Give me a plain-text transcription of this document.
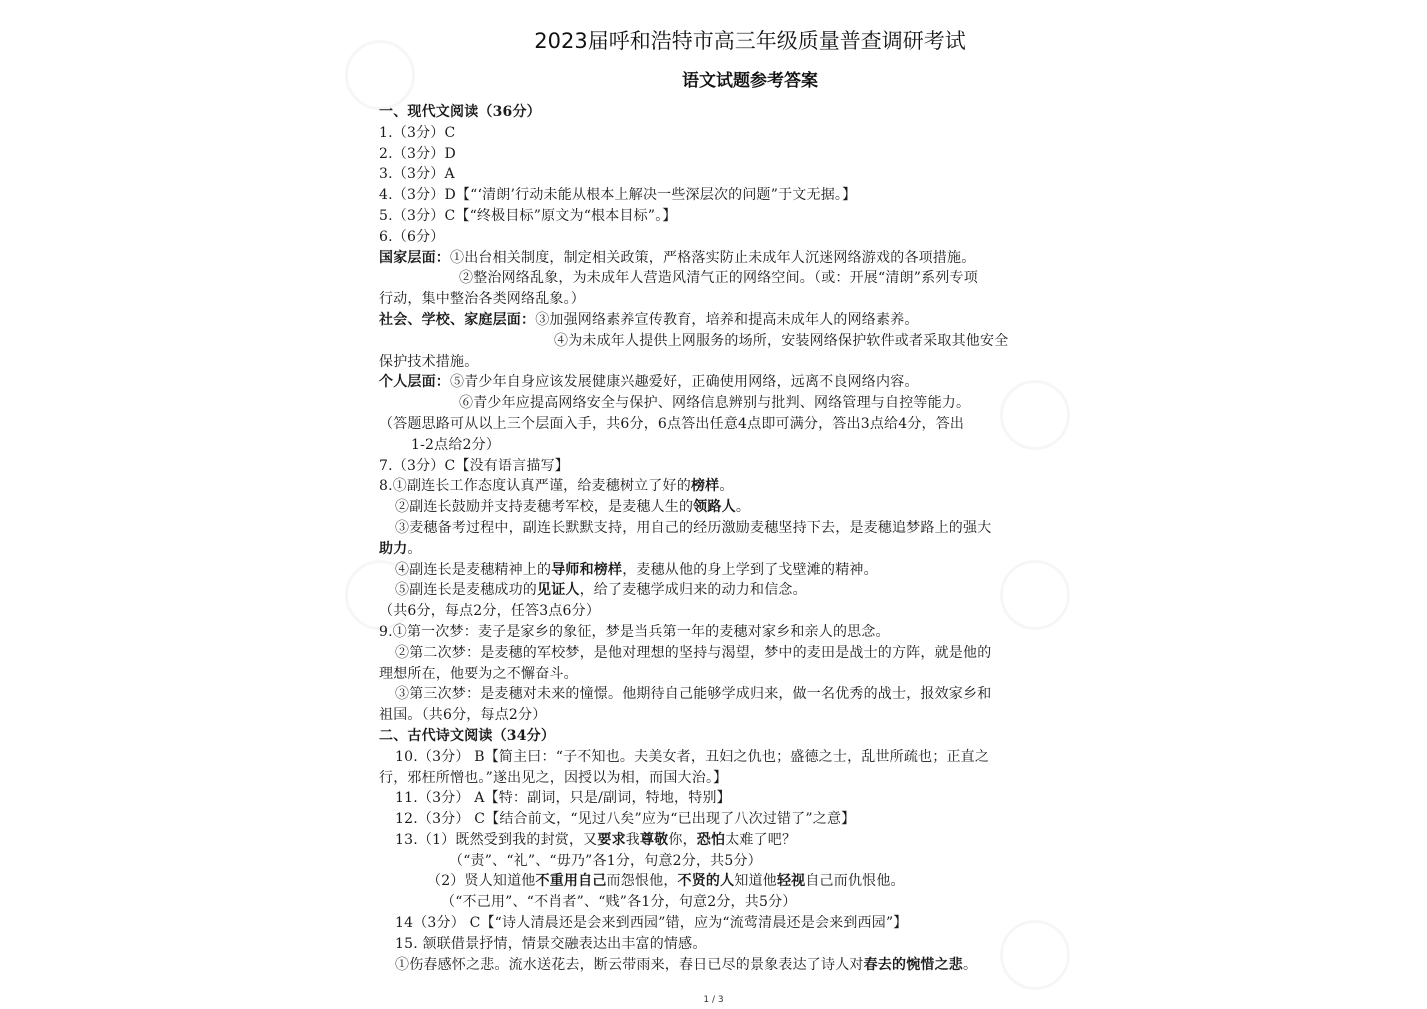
2023届呼和浩特市高三年级质量普查调研考试
语文试题参考答案
一、现代文阅读（36分）
1.（3分）C
2.（3分）D
3.（3分）A
4.（3分）D【“‘清朗’行动未能从根本上解决一些深层次的问题”于文无据。】
5.（3分）C【“终极目标”原文为“根本目标”。】
6.（6分）
国家层面：①出台相关制度，制定相关政策，严格落实防止未成年人沉迷网络游戏的各项措施。
②整治网络乱象，为未成年人营造风清气正的网络空间。（或：开展“清朗”系列专项
行动，集中整治各类网络乱象。）
社会、学校、家庭层面：③加强网络素养宣传教育，培养和提高未成年人的网络素养。
④为未成年人提供上网服务的场所，安装网络保护软件或者采取其他安全
保护技术措施。
个人层面：⑤青少年自身应该发展健康兴趣爱好，正确使用网络，远离不良网络内容。
⑥青少年应提高网络安全与保护、网络信息辨别与批判、网络管理与自控等能力。
（答题思路可从以上三个层面入手，共6分，6点答出任意4点即可满分，答出3点给4分，答出
1-2点给2分）
7.（3分）C【没有语言描写】
8.①副连长工作态度认真严谨，给麦穗树立了好的榜样。
②副连长鼓励并支持麦穗考军校，是麦穗人生的领路人。
③麦穗备考过程中，副连长默默支持，用自己的经历激励麦穗坚持下去，是麦穗追梦路上的强大
助力。
④副连长是麦穗精神上的导师和榜样，麦穗从他的身上学到了戈壁滩的精神。
⑤副连长是麦穗成功的见证人，给了麦穗学成归来的动力和信念。
（共6分，每点2分，任答3点6分）
9.①第一次梦：麦子是家乡的象征，梦是当兵第一年的麦穗对家乡和亲人的思念。
②第二次梦：是麦穗的军校梦，是他对理想的坚持与渴望，梦中的麦田是战士的方阵，就是他的
理想所在，他要为之不懈奋斗。
③第三次梦：是麦穗对未来的憧憬。他期待自己能够学成归来，做一名优秀的战士，报效家乡和
祖国。（共6分，每点2分）
二、古代诗文阅读（34分）
10.（3分） B【简主曰：“子不知也。夫美女者，丑妇之仇也；盛德之士，乱世所疏也；正直之
行，邪枉所憎也。”遂出见之，因授以为相，而国大治。】
11.（3分） A【特：副词，只是/副词，特地，特别】
12.（3分） C【结合前文，“见过八矣”应为“已出现了八次过错了”之意】
13.（1）既然受到我的封赏，又要求我尊敬你，恐怕太难了吧？
（“责”、“礼”、“毋乃”各1分，句意2分，共5分）
（2）贤人知道他不重用自己而怨恨他，不贤的人知道他轻视自己而仇恨他。
（“不己用”、“不肖者”、“贱”各1分，句意2分，共5分）
14（3分） C【“诗人清晨还是会来到西园”错，应为“流莺清晨还是会来到西园”】
15. 颔联借景抒情，情景交融表达出丰富的情感。
①伤春感怀之悲。流水送花去，断云带雨来，春日已尽的景象表达了诗人对春去的惋惜之悲。
1 / 3
